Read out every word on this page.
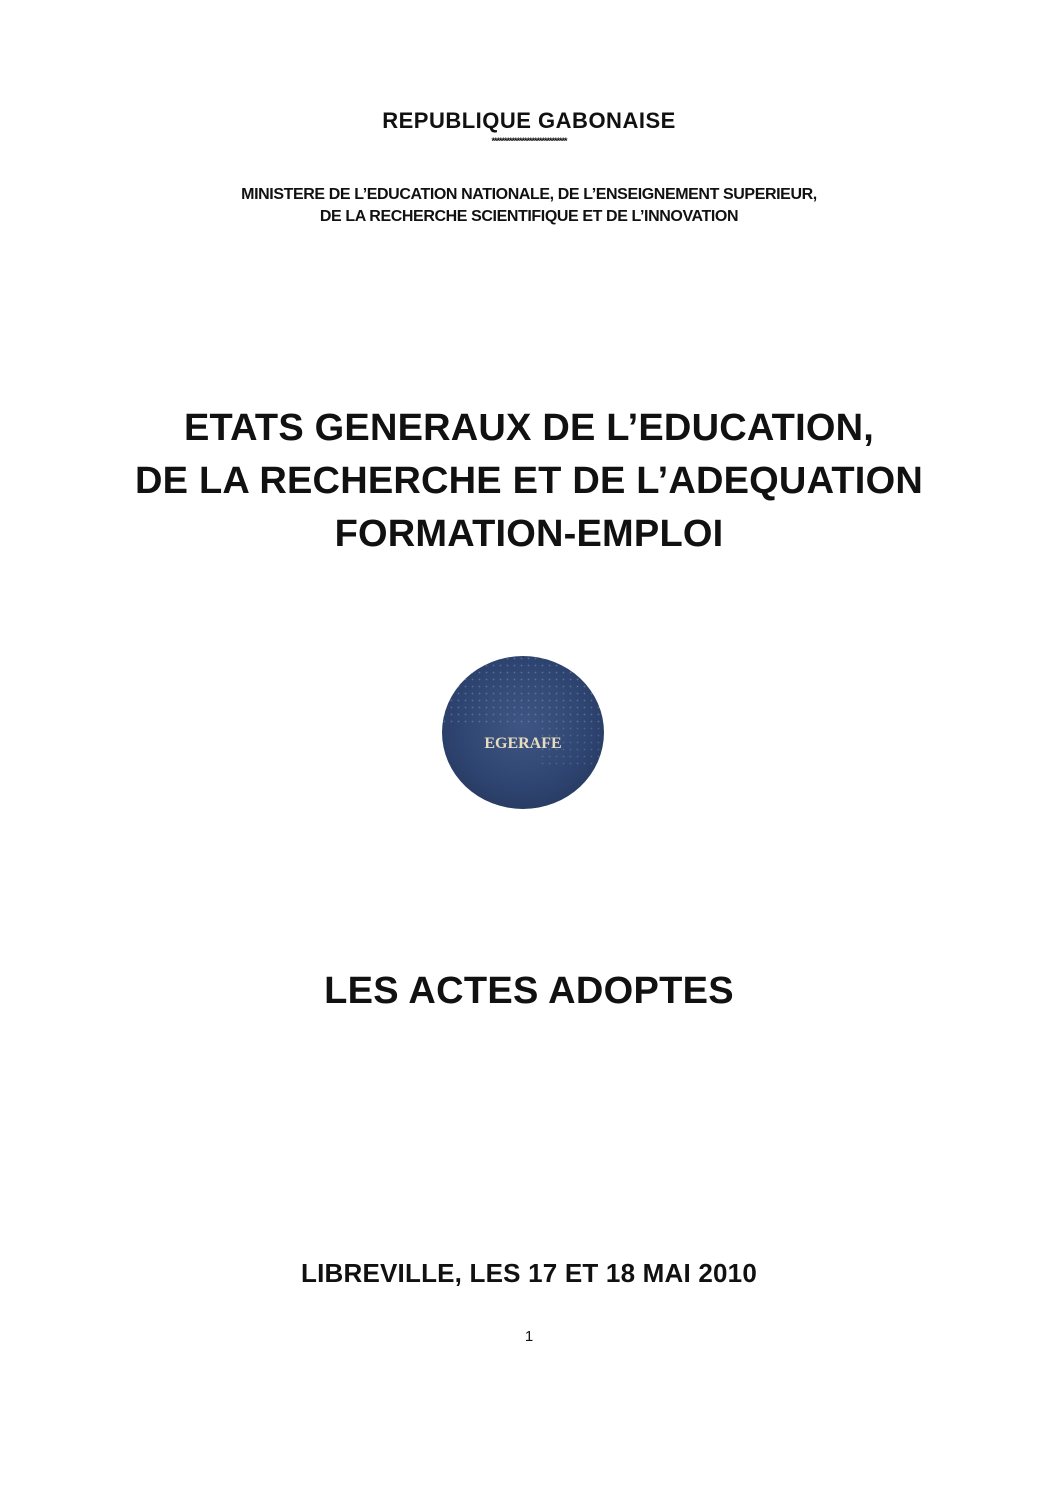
REPUBLIQUE GABONAISE
******************************
MINISTERE DE L’EDUCATION NATIONALE, DE L’ENSEIGNEMENT SUPERIEUR,
DE LA RECHERCHE SCIENTIFIQUE ET DE L’INNOVATION
ETATS GENERAUX DE L’EDUCATION,
DE LA RECHERCHE ET DE L’ADEQUATION
FORMATION-EMPLOI
EGERAFE
LES ACTES ADOPTES
LIBREVILLE, LES 17 ET 18 MAI 2010
1
